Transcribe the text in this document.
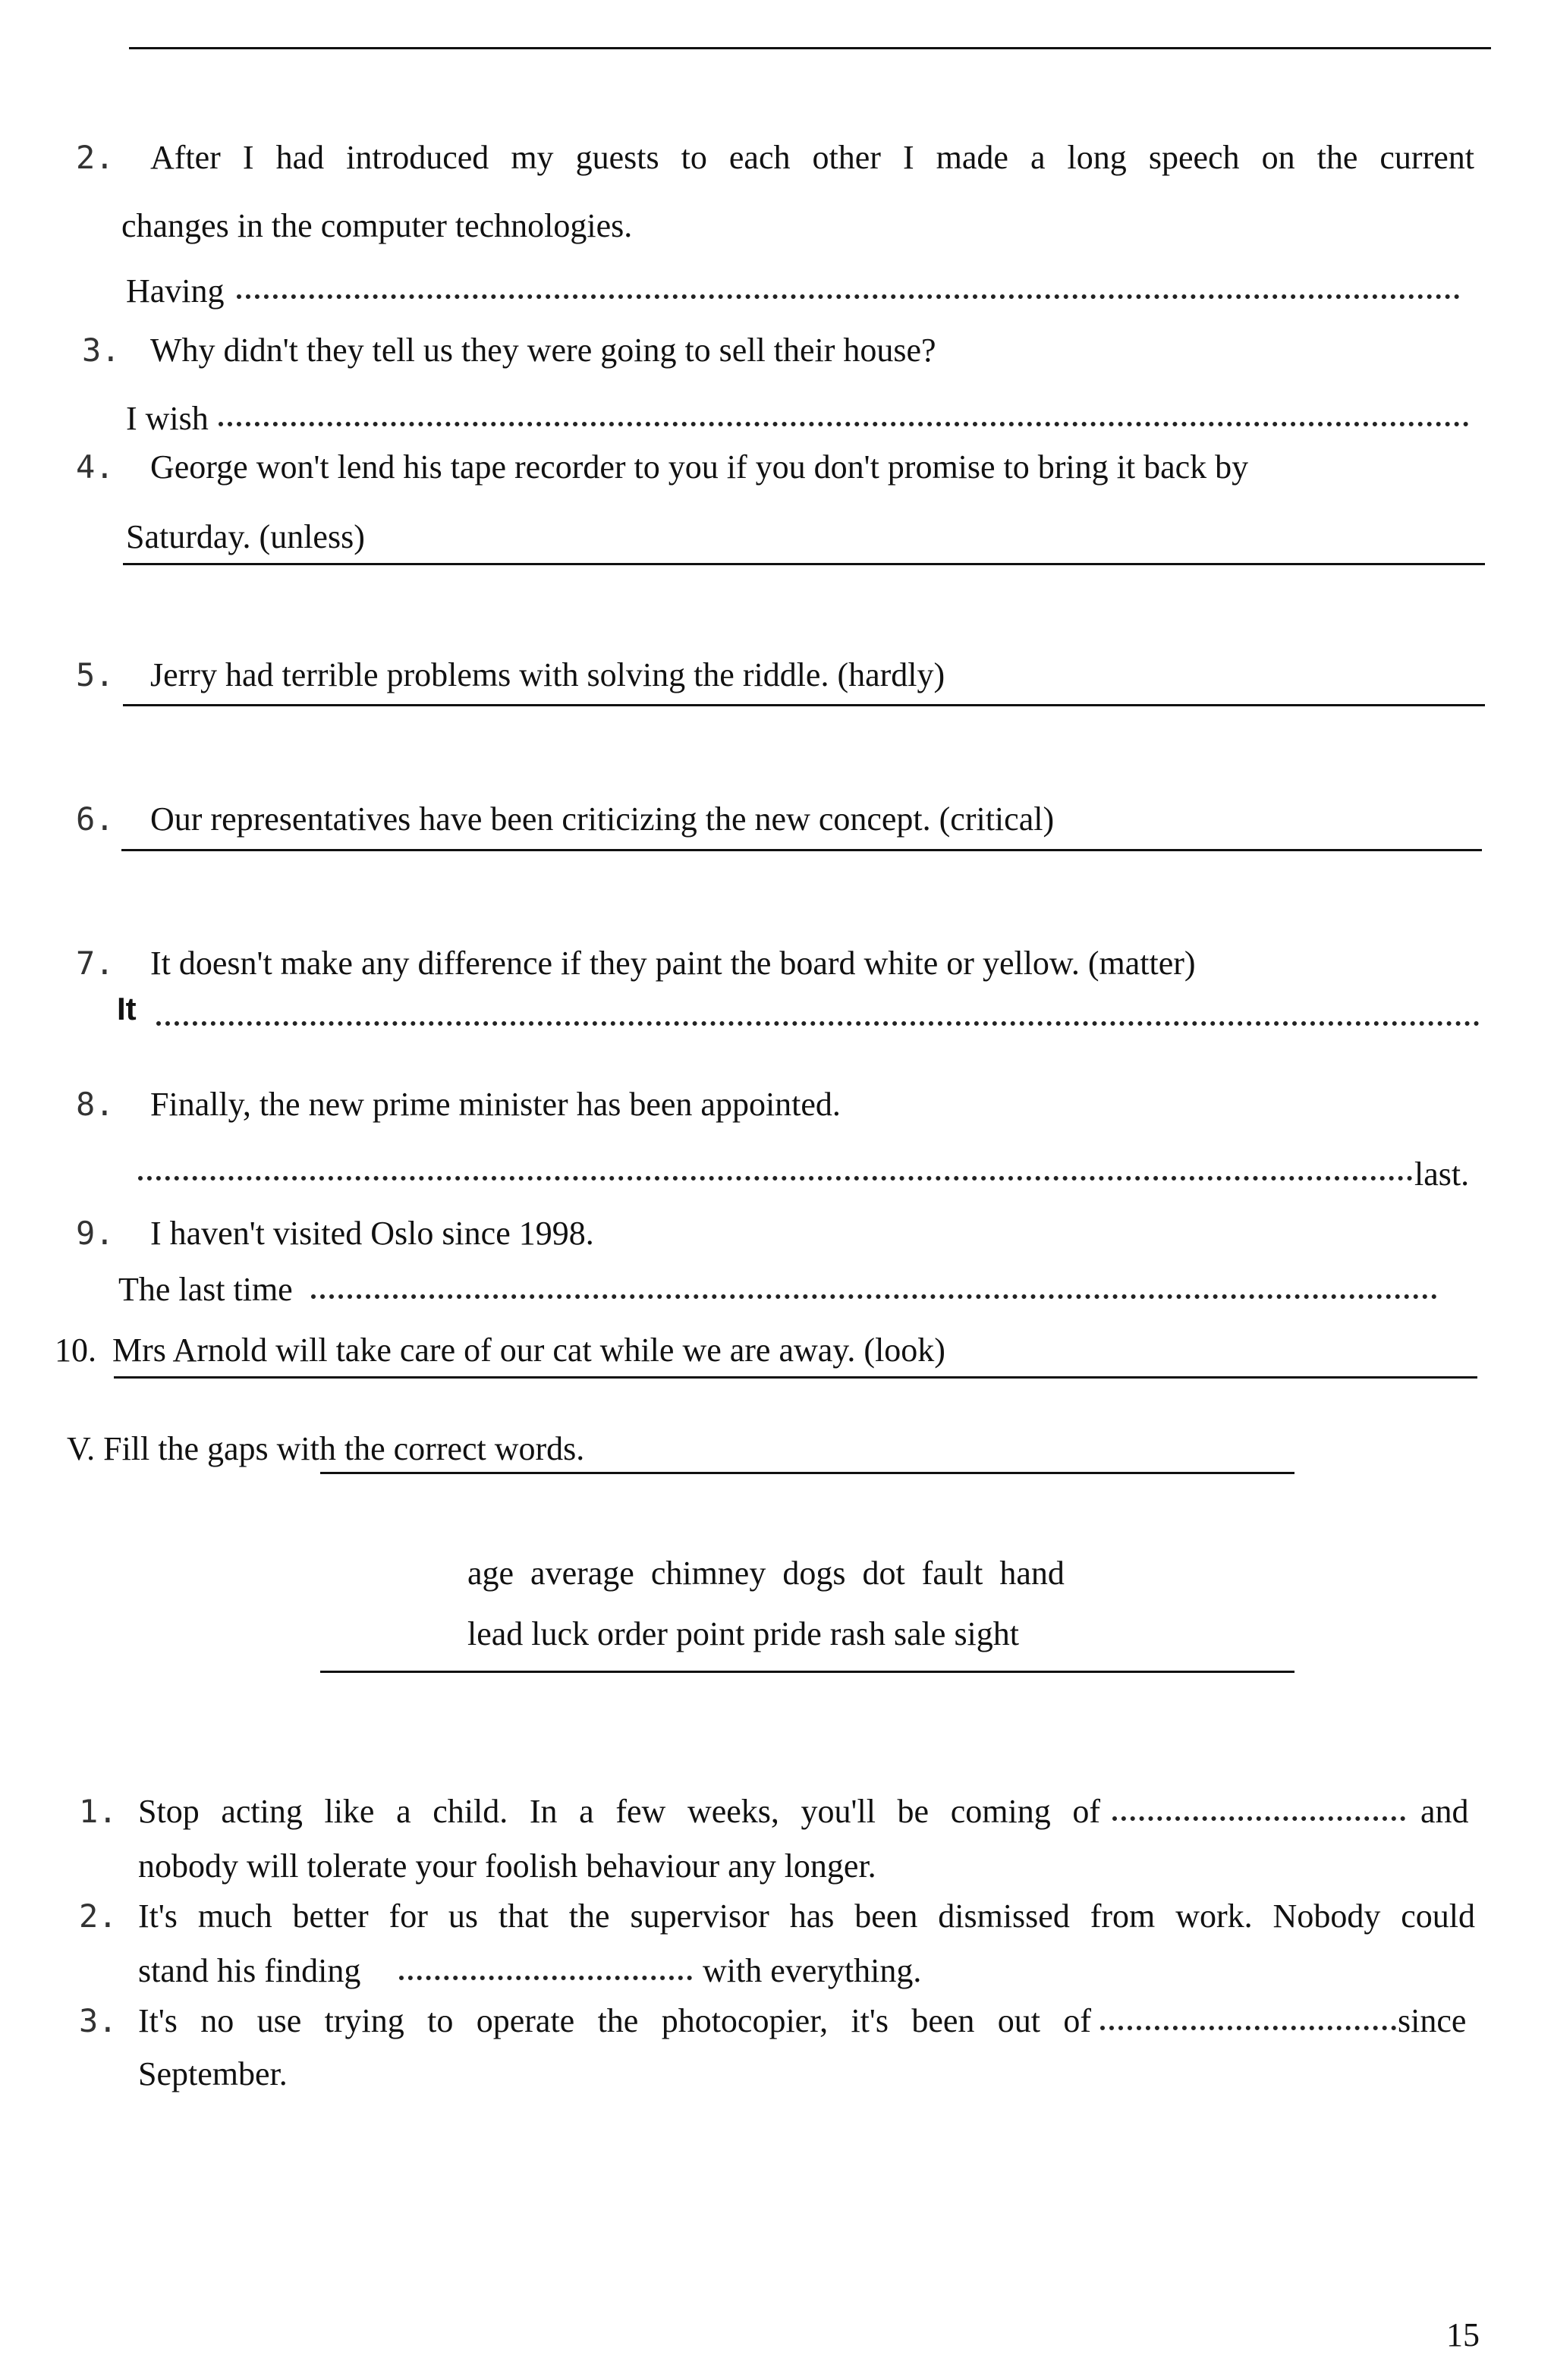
2. After I had introduced my guests to each other I made a long speech on the current
changes in the computer technologies.
Having
3. Why didn't they tell us they were going to sell their house?
I wish
4. George won't lend his tape recorder to you if you don't promise to bring it back by
Saturday. (unless)
5. Jerry had terrible problems with solving the riddle. (hardly)
6. Our representatives have been criticizing the new concept. (critical)
7. It doesn't make any difference if they paint the board white or yellow. (matter)
It
8. Finally, the new prime minister has been appointed.
last.
9. I haven't visited Oslo since 1998.
The last time
10. Mrs Arnold will take care of our cat while we are away. (look)
V. Fill the gaps with the correct words.
age  average  chimney  dogs  dot  fault  hand
lead luck order point pride rash sale sight
1. Stop acting like a child. In a few weeks, you'll be coming of	and
nobody will tolerate your foolish behaviour any longer.
2. It's much better for us that the supervisor has been dismissed from work. Nobody could
stand his finding	with everything.
3. It's no use trying to operate the photocopier, it's been out of	since
September.
15
